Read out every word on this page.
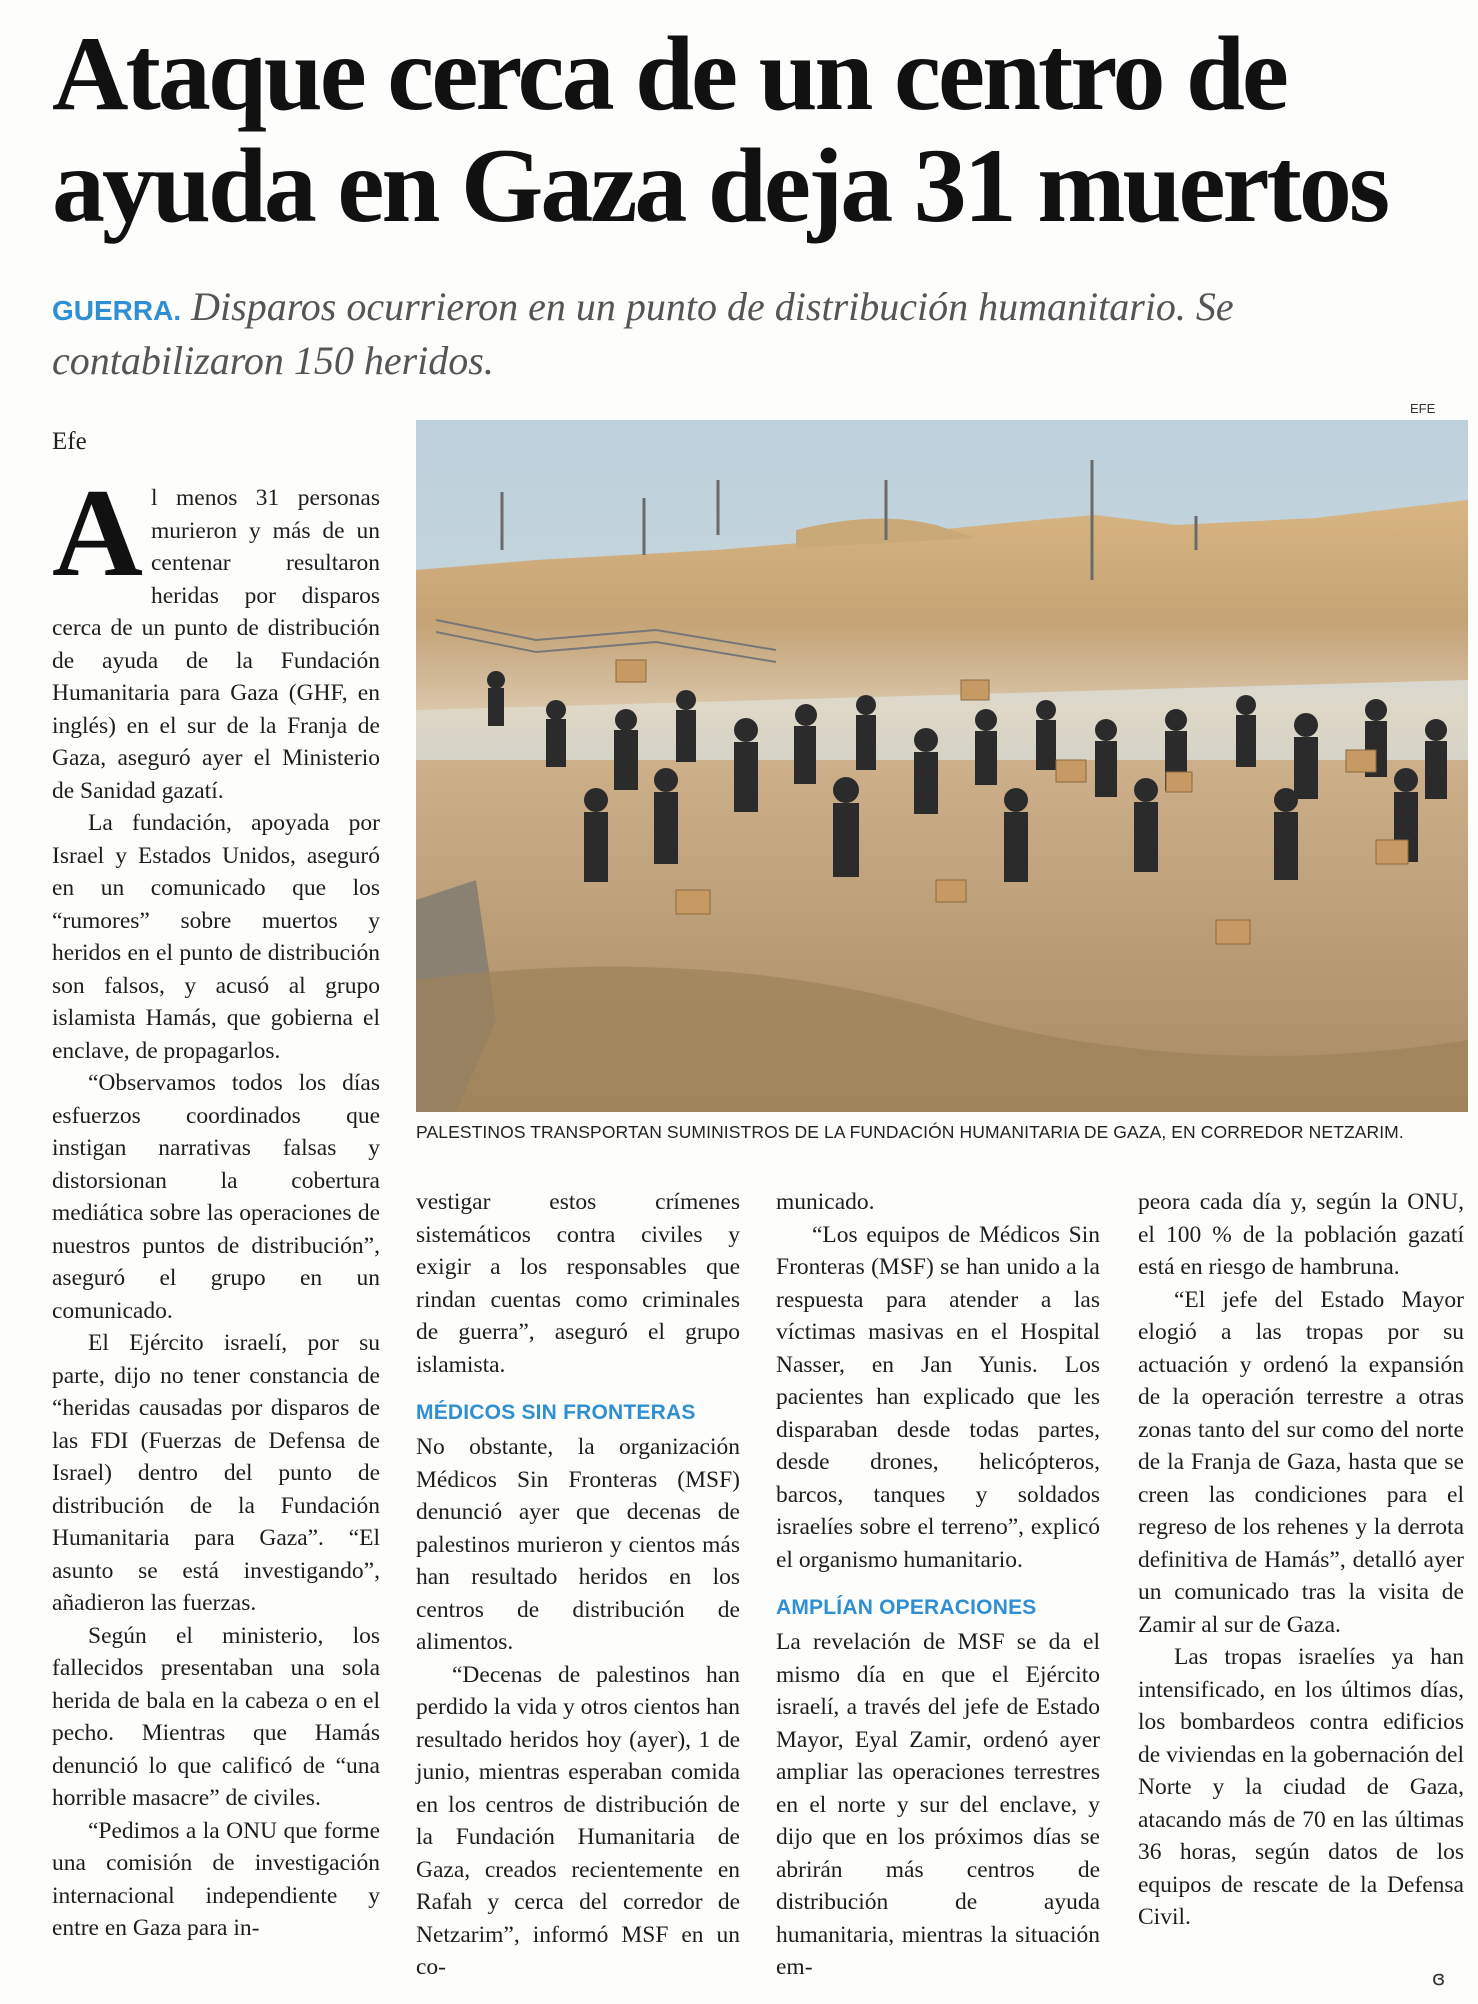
Ataque cerca de un centro de
ayuda en Gaza deja 31 muertos
GUERRA. Disparos ocurrieron en un punto de distribución humanitario. Se contabilizaron 150 heridos.
Efe
EFE
PALESTINOS TRANSPORTAN SUMINISTROS DE LA FUNDACIÓN HUMANITARIA DE GAZA, EN CORREDOR NETZARIM.

Al menos 31 personas murieron y más de un centenar resultaron heridas por disparos cerca de un punto de distribución de ayuda de la Fundación Humanitaria para Gaza (GHF, en inglés) en el sur de la Franja de Gaza, aseguró ayer el Ministerio de Sanidad gazatí.

La fundación, apoyada por Israel y Estados Unidos, aseguró en un comunicado que los “rumores” sobre muertos y heridos en el punto de distribución son falsos, y acusó al grupo islamista Hamás, que gobierna el enclave, de propagarlos.

“Observamos todos los días esfuerzos coordinados que instigan narrativas falsas y distorsionan la cobertura mediática sobre las operaciones de nuestros puntos de distribución”, aseguró el grupo en un comunicado.

El Ejército israelí, por su parte, dijo no tener constancia de “heridas causadas por disparos de las FDI (Fuerzas de Defensa de Israel) dentro del punto de distribución de la Fundación Humanitaria para Gaza”. “El asunto se está investigando”, añadieron las fuerzas.

Según el ministerio, los fallecidos presentaban una sola herida de bala en la cabeza o en el pecho. Mientras que Hamás denunció lo que calificó de “una horrible masacre” de civiles.

“Pedimos a la ONU que forme una comisión de investigación internacional independiente y entre en Gaza para in-

vestigar estos crímenes sistemáticos contra civiles y exigir a los responsables que rindan cuentas como criminales de guerra”, aseguró el grupo islamista.

MÉDICOS SIN FRONTERAS

No obstante, la organización Médicos Sin Fronteras (MSF) denunció ayer que decenas de palestinos murieron y cientos más han resultado heridos en los centros de distribución de alimentos.

“Decenas de palestinos han perdido la vida y otros cientos han resultado heridos hoy (ayer), 1 de junio, mientras esperaban comida en los centros de distribución de la Fundación Humanitaria de Gaza, creados recientemente en Rafah y cerca del corredor de Netzarim”, informó MSF en un co-

municado.

“Los equipos de Médicos Sin Fronteras (MSF) se han unido a la respuesta para atender a las víctimas masivas en el Hospital Nasser, en Jan Yunis. Los pacientes han explicado que les disparaban desde todas partes, desde drones, helicópteros, barcos, tanques y soldados israelíes sobre el terreno”, explicó el organismo humanitario.

AMPLÍAN OPERACIONES

La revelación de MSF se da el mismo día en que el Ejército israelí, a través del jefe de Estado Mayor, Eyal Zamir, ordenó ayer ampliar las operaciones terrestres en el norte y sur del enclave, y dijo que en los próximos días se abrirán más centros de distribución de ayuda humanitaria, mientras la situación em-

peora cada día y, según la ONU, el 100 % de la población gazatí está en riesgo de hambruna.

“El jefe del Estado Mayor elogió a las tropas por su actuación y ordenó la expansión de la operación terrestre a otras zonas tanto del sur como del norte de la Franja de Gaza, hasta que se creen las condiciones para el regreso de los rehenes y la derrota definitiva de Hamás”, detalló ayer un comunicado tras la visita de Zamir al sur de Gaza.

Las tropas israelíes ya han intensificado, en los últimos días, los bombardeos contra edificios de viviendas en la gobernación del Norte y la ciudad de Gaza, atacando más de 70 en las últimas 36 horas, según datos de los equipos de rescate de la Defensa Civil.

ɞ
